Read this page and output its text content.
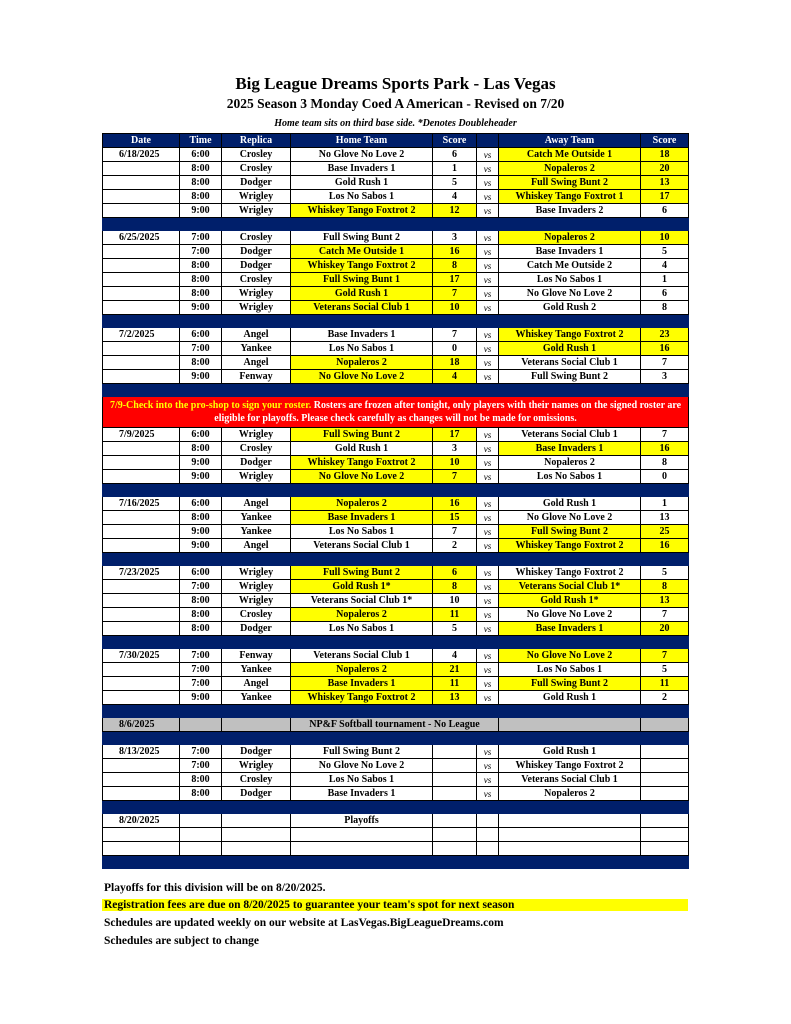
Big League Dreams Sports Park - Las Vegas
2025 Season 3 Monday Coed A American - Revised on 7/20
Home team sits on third base side. *Denotes Doubleheader
Date	Time	Replica	Home Team	Score		Away Team	Score
6/18/2025	6:00	Crosley	No Glove No Love 2	6	vs	Catch Me Outside 1	18
	8:00	Crosley	Base Invaders 1	1	vs	Nopaleros 2	20
	8:00	Dodger	Gold Rush 1	5	vs	Full Swing Bunt 2	13
	8:00	Wrigley	Los No Sabos 1	4	vs	Whiskey Tango Foxtrot 1	17
	9:00	Wrigley	Whiskey Tango Foxtrot 2	12	vs	Base Invaders 2	6

6/25/2025	7:00	Crosley	Full Swing Bunt 2	3	vs	Nopaleros 2	10
	7:00	Dodger	Catch Me Outside 1	16	vs	Base Invaders 1	5
	8:00	Dodger	Whiskey Tango Foxtrot 2	8	vs	Catch Me Outside 2	4
	8:00	Crosley	Full Swing Bunt 1	17	vs	Los No Sabos 1	1
	8:00	Wrigley	Gold Rush 1	7	vs	No Glove No Love 2	6
	9:00	Wrigley	Veterans Social Club 1	10	vs	Gold Rush 2	8

7/2/2025	6:00	Angel	Base Invaders 1	7	vs	Whiskey Tango Foxtrot 2	23
	7:00	Yankee	Los No Sabos 1	0	vs	Gold Rush 1	16
	8:00	Angel	Nopaleros 2	18	vs	Veterans Social Club 1	7
	9:00	Fenway	No Glove No Love 2	4	vs	Full Swing Bunt 2	3

7/9-Check into the pro-shop to sign your roster. Rosters are frozen after tonight, only players with their names on the signed roster are eligible for playoffs. Please check carefully as changes will not be made for omissions.							
7/9/2025	6:00	Wrigley	Full Swing Bunt 2	17	vs	Veterans Social Club 1	7
	8:00	Crosley	Gold Rush 1	3	vs	Base Invaders 1	16
	9:00	Dodger	Whiskey Tango Foxtrot 2	10	vs	Nopaleros 2	8
	9:00	Wrigley	No Glove No Love 2	7	vs	Los No Sabos 1	0

7/16/2025	6:00	Angel	Nopaleros 2	16	vs	Gold Rush 1	1
	8:00	Yankee	Base Invaders 1	15	vs	No Glove No Love 2	13
	9:00	Yankee	Los No Sabos 1	7	vs	Full Swing Bunt 2	25
	9:00	Angel	Veterans Social Club 1	2	vs	Whiskey Tango Foxtrot 2	16

7/23/2025	6:00	Wrigley	Full Swing Bunt 2	6	vs	Whiskey Tango Foxtrot 2	5
	7:00	Wrigley	Gold Rush 1*	8	vs	Veterans Social Club 1*	8
	8:00	Wrigley	Veterans Social Club 1*	10	vs	Gold Rush 1*	13
	8:00	Crosley	Nopaleros 2	11	vs	No Glove No Love 2	7
	8:00	Dodger	Los No Sabos 1	5	vs	Base Invaders 1	20

7/30/2025	7:00	Fenway	Veterans Social Club 1	4	vs	No Glove No Love 2	7
	7:00	Yankee	Nopaleros 2	21	vs	Los No Sabos 1	5
	7:00	Angel	Base Invaders 1	11	vs	Full Swing Bunt 2	11
	9:00	Yankee	Whiskey Tango Foxtrot 2	13	vs	Gold Rush 1	2

8/6/2025			NP&F Softball tournament - No League				

8/13/2025	7:00	Dodger	Full Swing Bunt 2		vs	Gold Rush 1	
	7:00	Wrigley	No Glove No Love 2		vs	Whiskey Tango Foxtrot 2	
	8:00	Crosley	Los No Sabos 1		vs	Veterans Social Club 1	
	8:00	Dodger	Base Invaders 1		vs	Nopaleros 2	

8/20/2025			Playoffs				

Playoffs for this division will be on 8/20/2025.
Registration fees are due on 8/20/2025 to guarantee your team's spot for next season
Schedules are updated weekly on our website at LasVegas.BigLeagueDreams.com
Schedules are subject to change
